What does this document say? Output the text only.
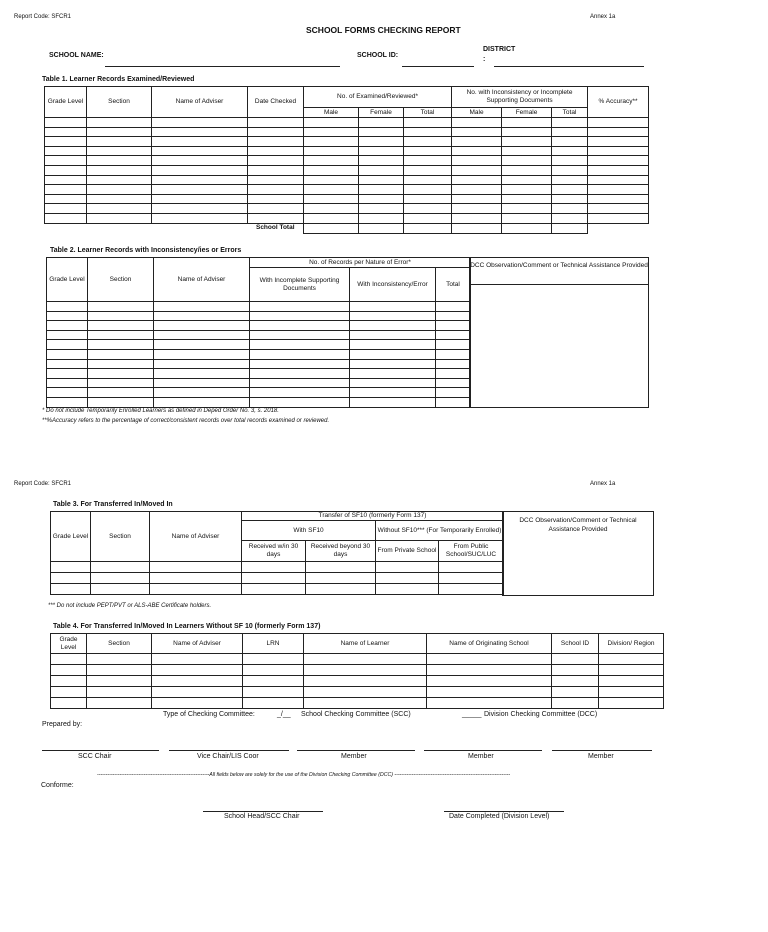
Report Code: SFCR1	Annex 1a
SCHOOL FORMS CHECKING REPORT
SCHOOL NAME:	SCHOOL ID:
DISTRICT
:
Table 1. Learner Records Examined/Reviewed
Grade Level	Section	Name of Adviser	Date Checked	No. of Examined/Reviewed*			No. with Inconsistency or Incomplete Supporting Documents			% Accuracy**
				Male	Female	Total	Male	Female	Total	

			School Total							
Table 2. Learner Records with Inconsistency/ies or Errors
Grade Level	Section	Name of Adviser	No. of Records per Nature of Error*		
			With Incomplete Supporting Documents	With Inconsistency/Error	Total

DCC Observation/Comment or Technical Assistance Provided
* Do not include Temporarily Enrolled Learners as defined in Deped Order No. 3, s. 2018.
**%Accuracy refers to the percentage of correct/consistent records over total records examined or reviewed.
Report Code: SFCR1	Annex 1a
Table 3. For Transferred In/Moved In
Grade Level	Section	Name of Adviser	Transfer of SF10 (formerly Form 137)			
			With SF10		Without SF10*** (For Temporarily Enrolled)	
			Received w/in 30 days	Received beyond 30 days	From Private School	From Public School/SUC/LUC

DCC Observation/Comment or Technical Assistance Provided
*** Do not include PEPT/PVT or ALS-ABE Certificate holders.
Table 4. For Transferred In/Moved In Learners Without SF 10 (formerly Form 137)
Grade Level	Section	Name of Adviser	LRN	Name of Learner	Name of Originating School	School ID	Division/ Region

Type of Checking Committee:	_/__ School Checking Committee (SCC)	_____ Division Checking Committee (DCC)
Prepared by:
SCC Chair	Vice Chair/LIS Coor	Member	Member	Member
-----------------------------------------------------------------All fields below are solely for the use of the Division Checking Committee (DCC) -------------------------------------------------------------------
Conforme:
School Head/SCC Chair	Date Completed (Division Level)
